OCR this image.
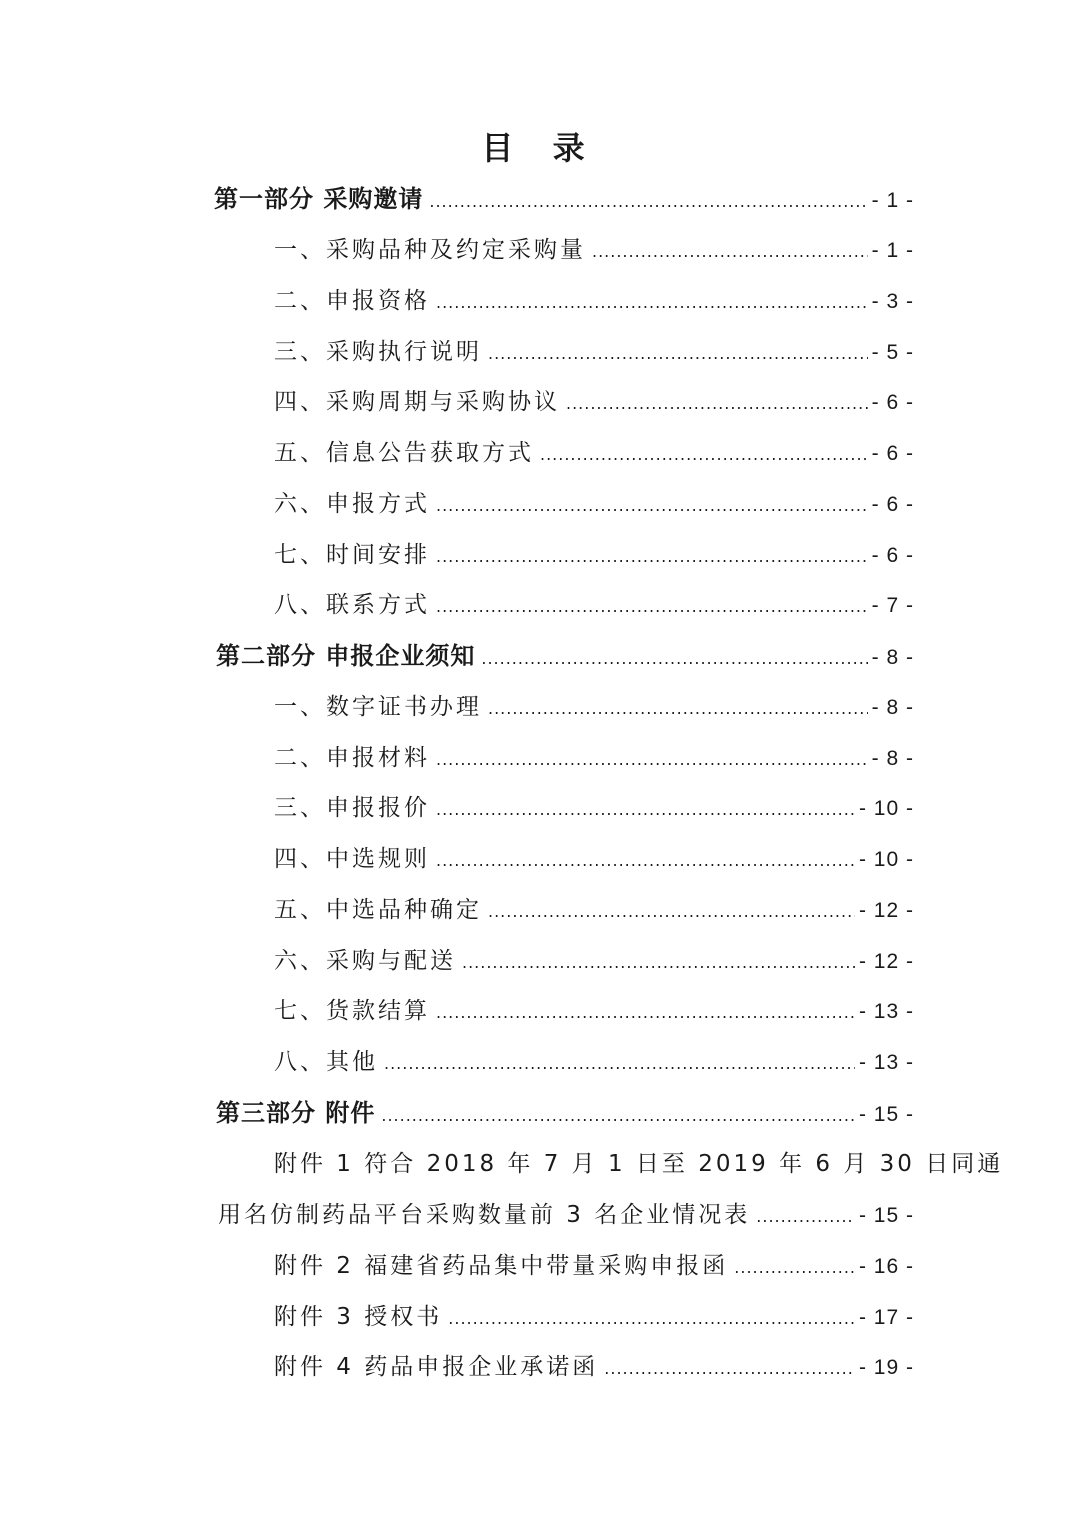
目 录
第一部分 采购邀请 .....	- 1 -
一、采购品种及约定采购量 .....	- 1 -
二、申报资格 .....	- 3 -
三、采购执行说明 .....	- 5 -
四、采购周期与采购协议 .....	- 6 -
五、信息公告获取方式 .....	- 6 -
六、申报方式 .....	- 6 -
七、时间安排 .....	- 6 -
八、联系方式 .....	- 7 -
第二部分 申报企业须知 .....	- 8 -
一、数字证书办理 .....	- 8 -
二、申报材料 .....	- 8 -
三、申报报价 .....	- 10 -
四、中选规则 .....	- 10 -
五、中选品种确定 .....	- 12 -
六、采购与配送 .....	- 12 -
七、货款结算 .....	- 13 -
八、其他 .....	- 13 -
第三部分 附件 .....	- 15 -
附件 1 符合 2018 年 7 月 1 日至 2019 年 6 月 30 日同通
用名仿制药品平台采购数量前 3 名企业情况表 .....	- 15 -
附件 2 福建省药品集中带量采购申报函 .....	- 16 -
附件 3 授权书 .....	- 17 -
附件 4 药品申报企业承诺函 .....	- 19 -
